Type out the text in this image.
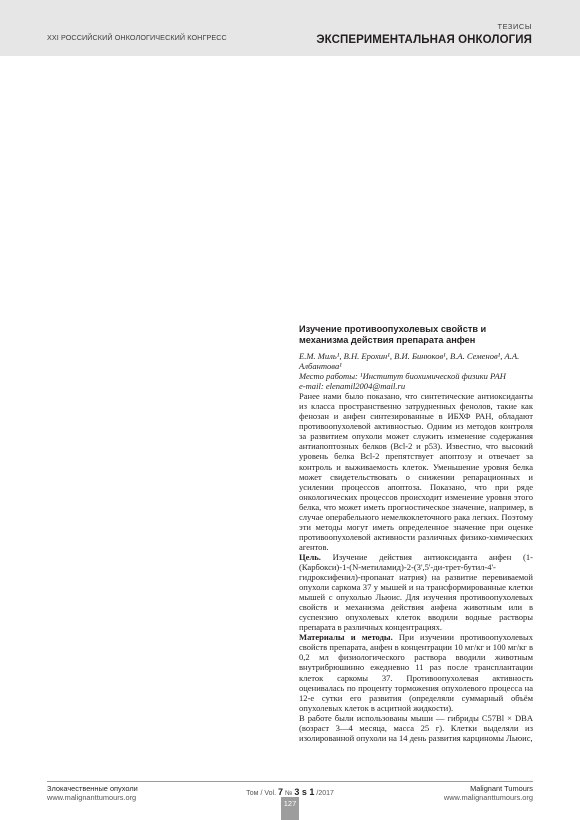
XXI РОССИЙСКИЙ ОНКОЛОГИЧЕСКИЙ КОНГРЕСС
ТЕЗИСЫ
ЭКСПЕРИМЕНТАЛЬНАЯ ОНКОЛОГИЯ
Изучение противоопухолевых свойств и механизма действия препарата анфен
Е.М. Миль¹, В.Н. Ерохин¹, В.И. Бинюков¹, В.А. Семенов¹, А.А. Албантова¹
Место работы: ¹Институт биохимической физики РАН
e-mail: elenamil2004@mail.ru

Ранее нами было показано, что синтетические антиоксиданты из класса пространственно затрудненных фенолов, такие как фенозан и анфен синтезированные в ИБХФ РАН, обладают противоопухолевой активностью. Одним из методов контроля за развитием опухоли может служить изменение содержания антиапоптозных белков (Bcl-2 и p53). Известно, что высокий уровень белка Bcl-2 препятствует апоптозу и отвечает за контроль и выживаемость клеток. Уменьшение уровня белка может свидетельствовать о снижении репарационных и усилении процессов апоптоза. Показано, что при ряде онкологических процессов происходит изменение уровня этого белка, что может иметь прогностическое значение, например, в случае операбельного немелкоклеточного рака легких. Поэтому эти методы могут иметь определенное значение при оценке противоопухолевой активности различных физико-химических агентов.

Цель. Изучение действия антиоксиданта анфен (1-(Карбокси)-1-(N-метиламид)-2-(3',5'-ди-трет-бутил-4'-гидроксифенил)-пропанат натрия) на развитие перевиваемой опухоли саркома 37 у мышей и на трансформированные клетки мышей с опухолью Льюис. Для изучения противоопухолевых свойств и механизма действия анфена животным или в суспензию опухолевых клеток вводили водные растворы препарата в различных концентрациях.

Материалы и методы. При изучении противоопухолевых свойств препарата, анфен в концентрации 10 мг/кг и 100 мг/кг в 0,2 мл физиологического раствора вводили животным внутрибрюшинно ежедневно 11 раз после трансплантации клеток саркомы 37. Противоопухолевая активность оценивалась по проценту торможения опухолевого процесса на 12-е сутки его развития (определяли суммарный объём опухолевых клеток в асцитной жидкости).

В работе были использованы мыши — гибриды C57Bl × DBA (возраст 3—4 месяца, масса 25 г). Клетки выделяли из изолированной опухоли на 14 день развития карциномы Льюис,

Злокачественные опухоли
www.malignanttumours.org	Том / Vol. 7 № 3 s 1 /2017
127
Malignant Tumours
www.malignanttumours.org
